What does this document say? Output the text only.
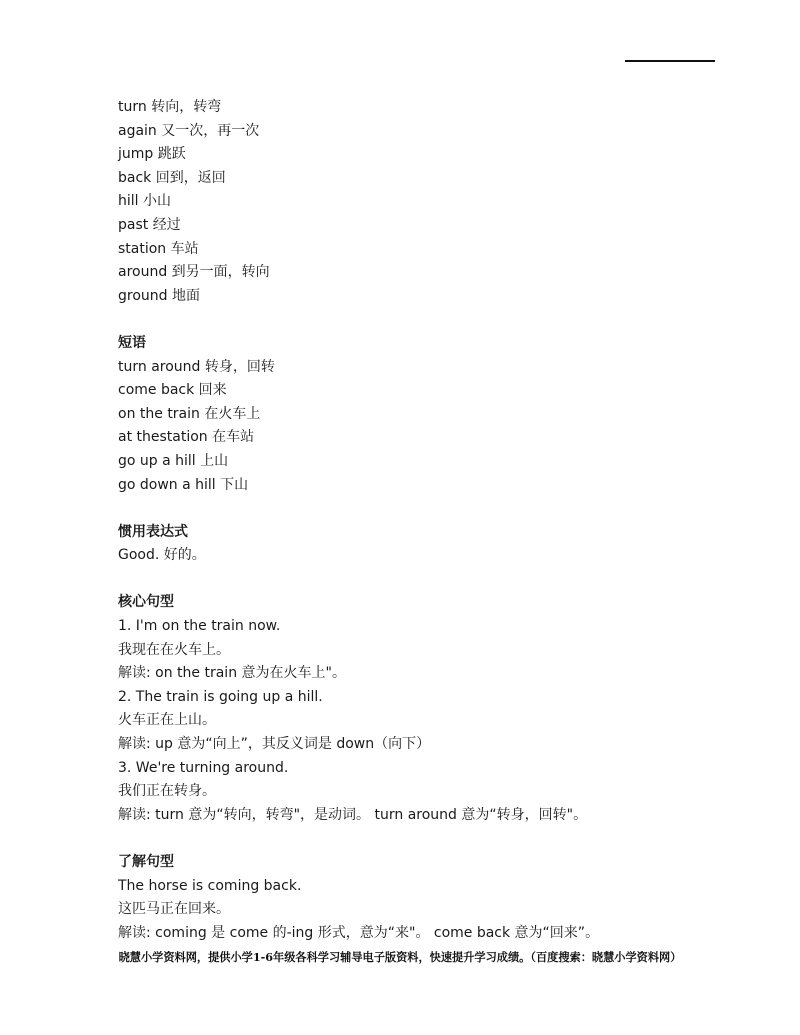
turn 转向，转弯
again 又一次，再一次
jump 跳跃
back 回到，返回
hill 小山
past 经过
station 车站
around 到另一面，转向
ground 地面
短语
turn around 转身，回转
come back 回来
on the train 在火车上
at thestation 在车站
go up a hill 上山
go down a hill 下山
惯用表达式
Good. 好的。
核心句型
1. I'm on the train now.
我现在在火车上。
解读: on the train 意为在火车上"。
2. The train is going up a hill.
火车正在上山。
解读: up 意为“向上”，其反义词是 down（向下）
3. We're turning around.
我们正在转身。
解读: turn 意为“转向，转弯"，是动词。 turn around 意为“转身，回转"。
了解句型
The horse is coming back.
这匹马正在回来。
解读: coming 是 come 的-ing 形式，意为“来"。 come back 意为“回来”。
晓慧小学资料网，提供小学1-6年级各科学习辅导电子版资料，快速提升学习成绩。（百度搜索：晓慧小学资料网）
